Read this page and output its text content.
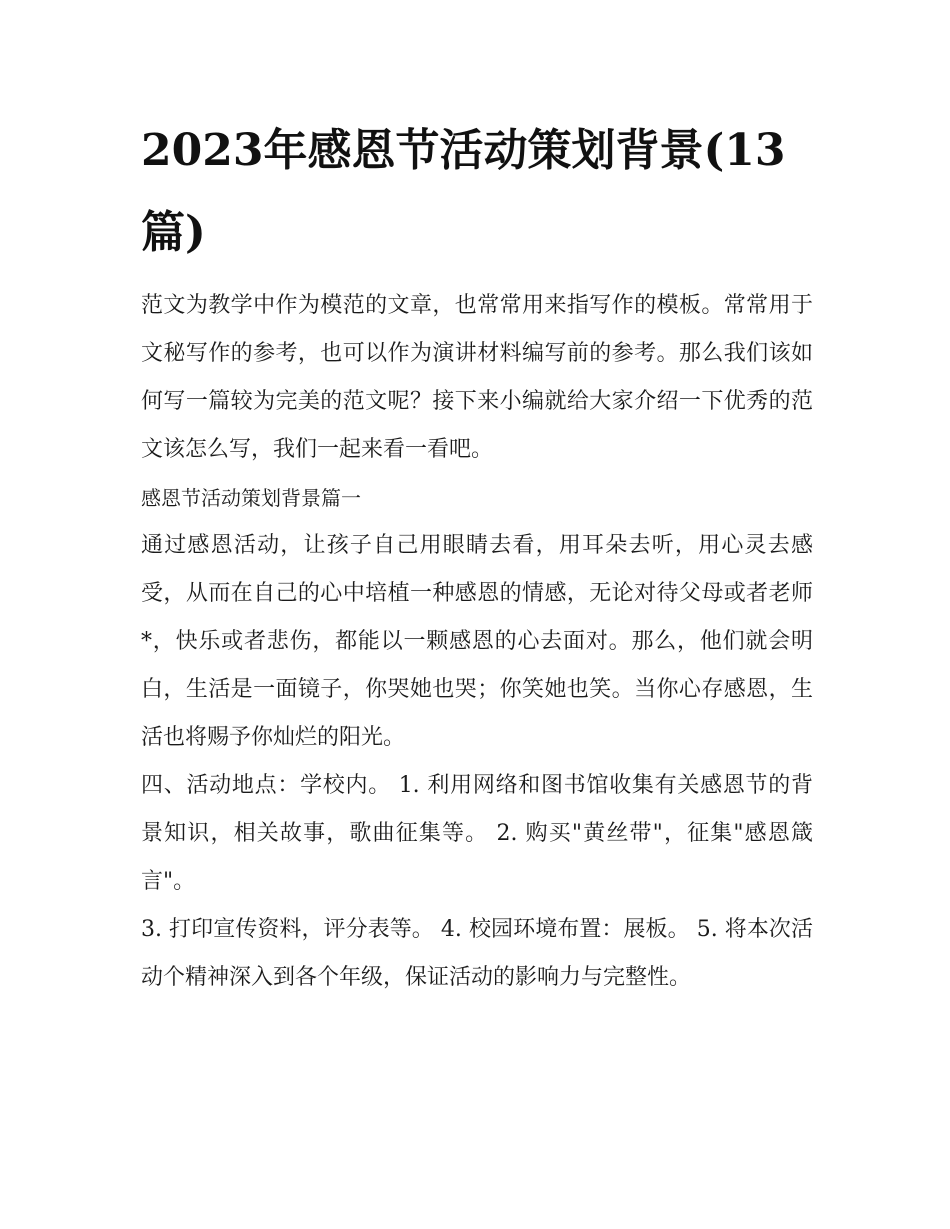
2023年感恩节活动策划背景(13篇)

范文为教学中作为模范的文章，也常常用来指写作的模板。常常用于文秘写作的参考，也可以作为演讲材料编写前的参考。那么我们该如何写一篇较为完美的范文呢？接下来小编就给大家介绍一下优秀的范文该怎么写，我们一起来看一看吧。

感恩节活动策划背景篇一

通过感恩活动，让孩子自己用眼睛去看，用耳朵去听，用心灵去感受，从而在自己的心中培植一种感恩的情感，无论对待父母或者老师*，快乐或者悲伤，都能以一颗感恩的心去面对。那么，他们就会明白，生活是一面镜子，你哭她也哭；你笑她也笑。当你心存感恩，生活也将赐予你灿烂的阳光。

四、活动地点：学校内。 1. 利用网络和图书馆收集有关感恩节的背景知识，相关故事，歌曲征集等。 2. 购买"黄丝带"，征集"感恩箴言"。

3. 打印宣传资料，评分表等。 4. 校园环境布置：展板。 5. 将本次活动个精神深入到各个年级，保证活动的影响力与完整性。
